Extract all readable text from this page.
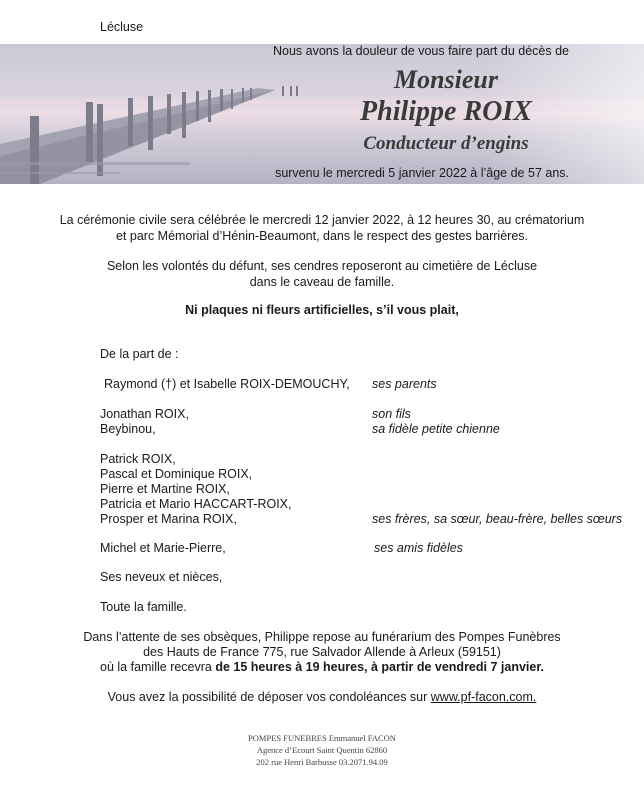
Lécluse
Nous avons la douleur de vous faire part du décès de
Monsieur
Philippe ROIX
Conducteur d’engins
survenu le mercredi 5 janvier 2022 à l’âge de 57 ans.
La cérémonie civile sera célébrée le mercredi 12 janvier 2022, à 12 heures 30, au crématorium
et parc Mémorial d’Hénin-Beaumont, dans le respect des gestes barrières.
Selon les volontés du défunt, ses cendres reposeront au cimetière de Lécluse
dans le caveau de famille.
Ni plaques ni fleurs artificielles, s’il vous plait,
De la part de :
Raymond (†) et Isabelle ROIX-DEMOUCHY, ses parents
Jonathan ROIX,	son fils
Beybinou,	sa fidèle petite chienne
Patrick ROIX,
Pascal et Dominique ROIX,
Pierre et Martine ROIX,
Patricia et Mario HACCART-ROIX,
Prosper et Marina ROIX,	ses frères, sa sœur, beau-frère, belles sœurs
Michel et Marie-Pierre,	ses amis fidèles
Ses neveux et nièces,
Toute la famille.
Dans l’attente de ses obsèques, Philippe repose au funérarium des Pompes Funèbres
des Hauts de France 775, rue Salvador Allende à Arleux (59151)
où la famille recevra de 15 heures à 19 heures, à partir de vendredi 7 janvier.
Vous avez la possibilité de déposer vos condoléances sur www.pf-facon.com.
POMPES FUNEBRES Emmanuel FACON
Agence d’Ecourt Saint Quentin 62860
202 rue Henri Barbusse 03.2071.94.09
